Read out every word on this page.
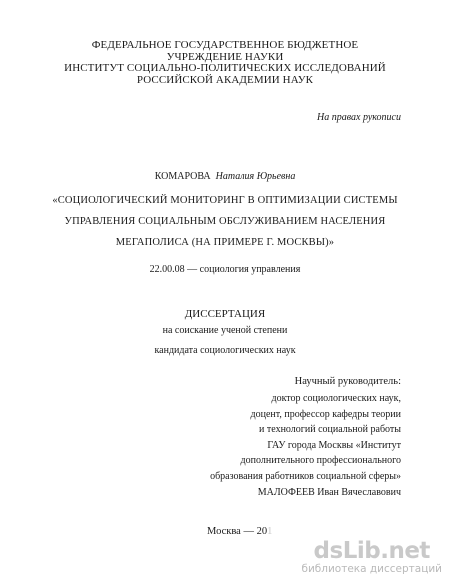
ФЕДЕРАЛЬНОЕ ГОСУДАРСТВЕННОЕ БЮДЖЕТНОЕ
УЧРЕЖДЕНИЕ НАУКИ
ИНСТИТУТ СОЦИАЛЬНО-ПОЛИТИЧЕСКИХ ИССЛЕДОВАНИЙ
РОССИЙСКОЙ АКАДЕМИИ НАУК
На правах рукописи
КОМАРОВА Наталия Юрьевна
«СОЦИОЛОГИЧЕСКИЙ МОНИТОРИНГ В ОПТИМИЗАЦИИ СИСТЕМЫ
УПРАВЛЕНИЯ СОЦИАЛЬНЫМ ОБСЛУЖИВАНИЕМ НАСЕЛЕНИЯ
МЕГАПОЛИСА (НА ПРИМЕРЕ Г. МОСКВЫ)»
22.00.08 — социология управления
ДИССЕРТАЦИЯ
на соискание ученой степени
кандидата социологических наук
Научный руководитель:
доктор социологических наук,
доцент, профессор кафедры теории
и технологий социальной работы
ГАУ города Москвы «Институт
дополнительного профессионального
образования работников социальной сферы»
МАЛОФЕЕВ Иван Вячеславович
Москва — 201
dsLib.net
библиотека диссертаций
